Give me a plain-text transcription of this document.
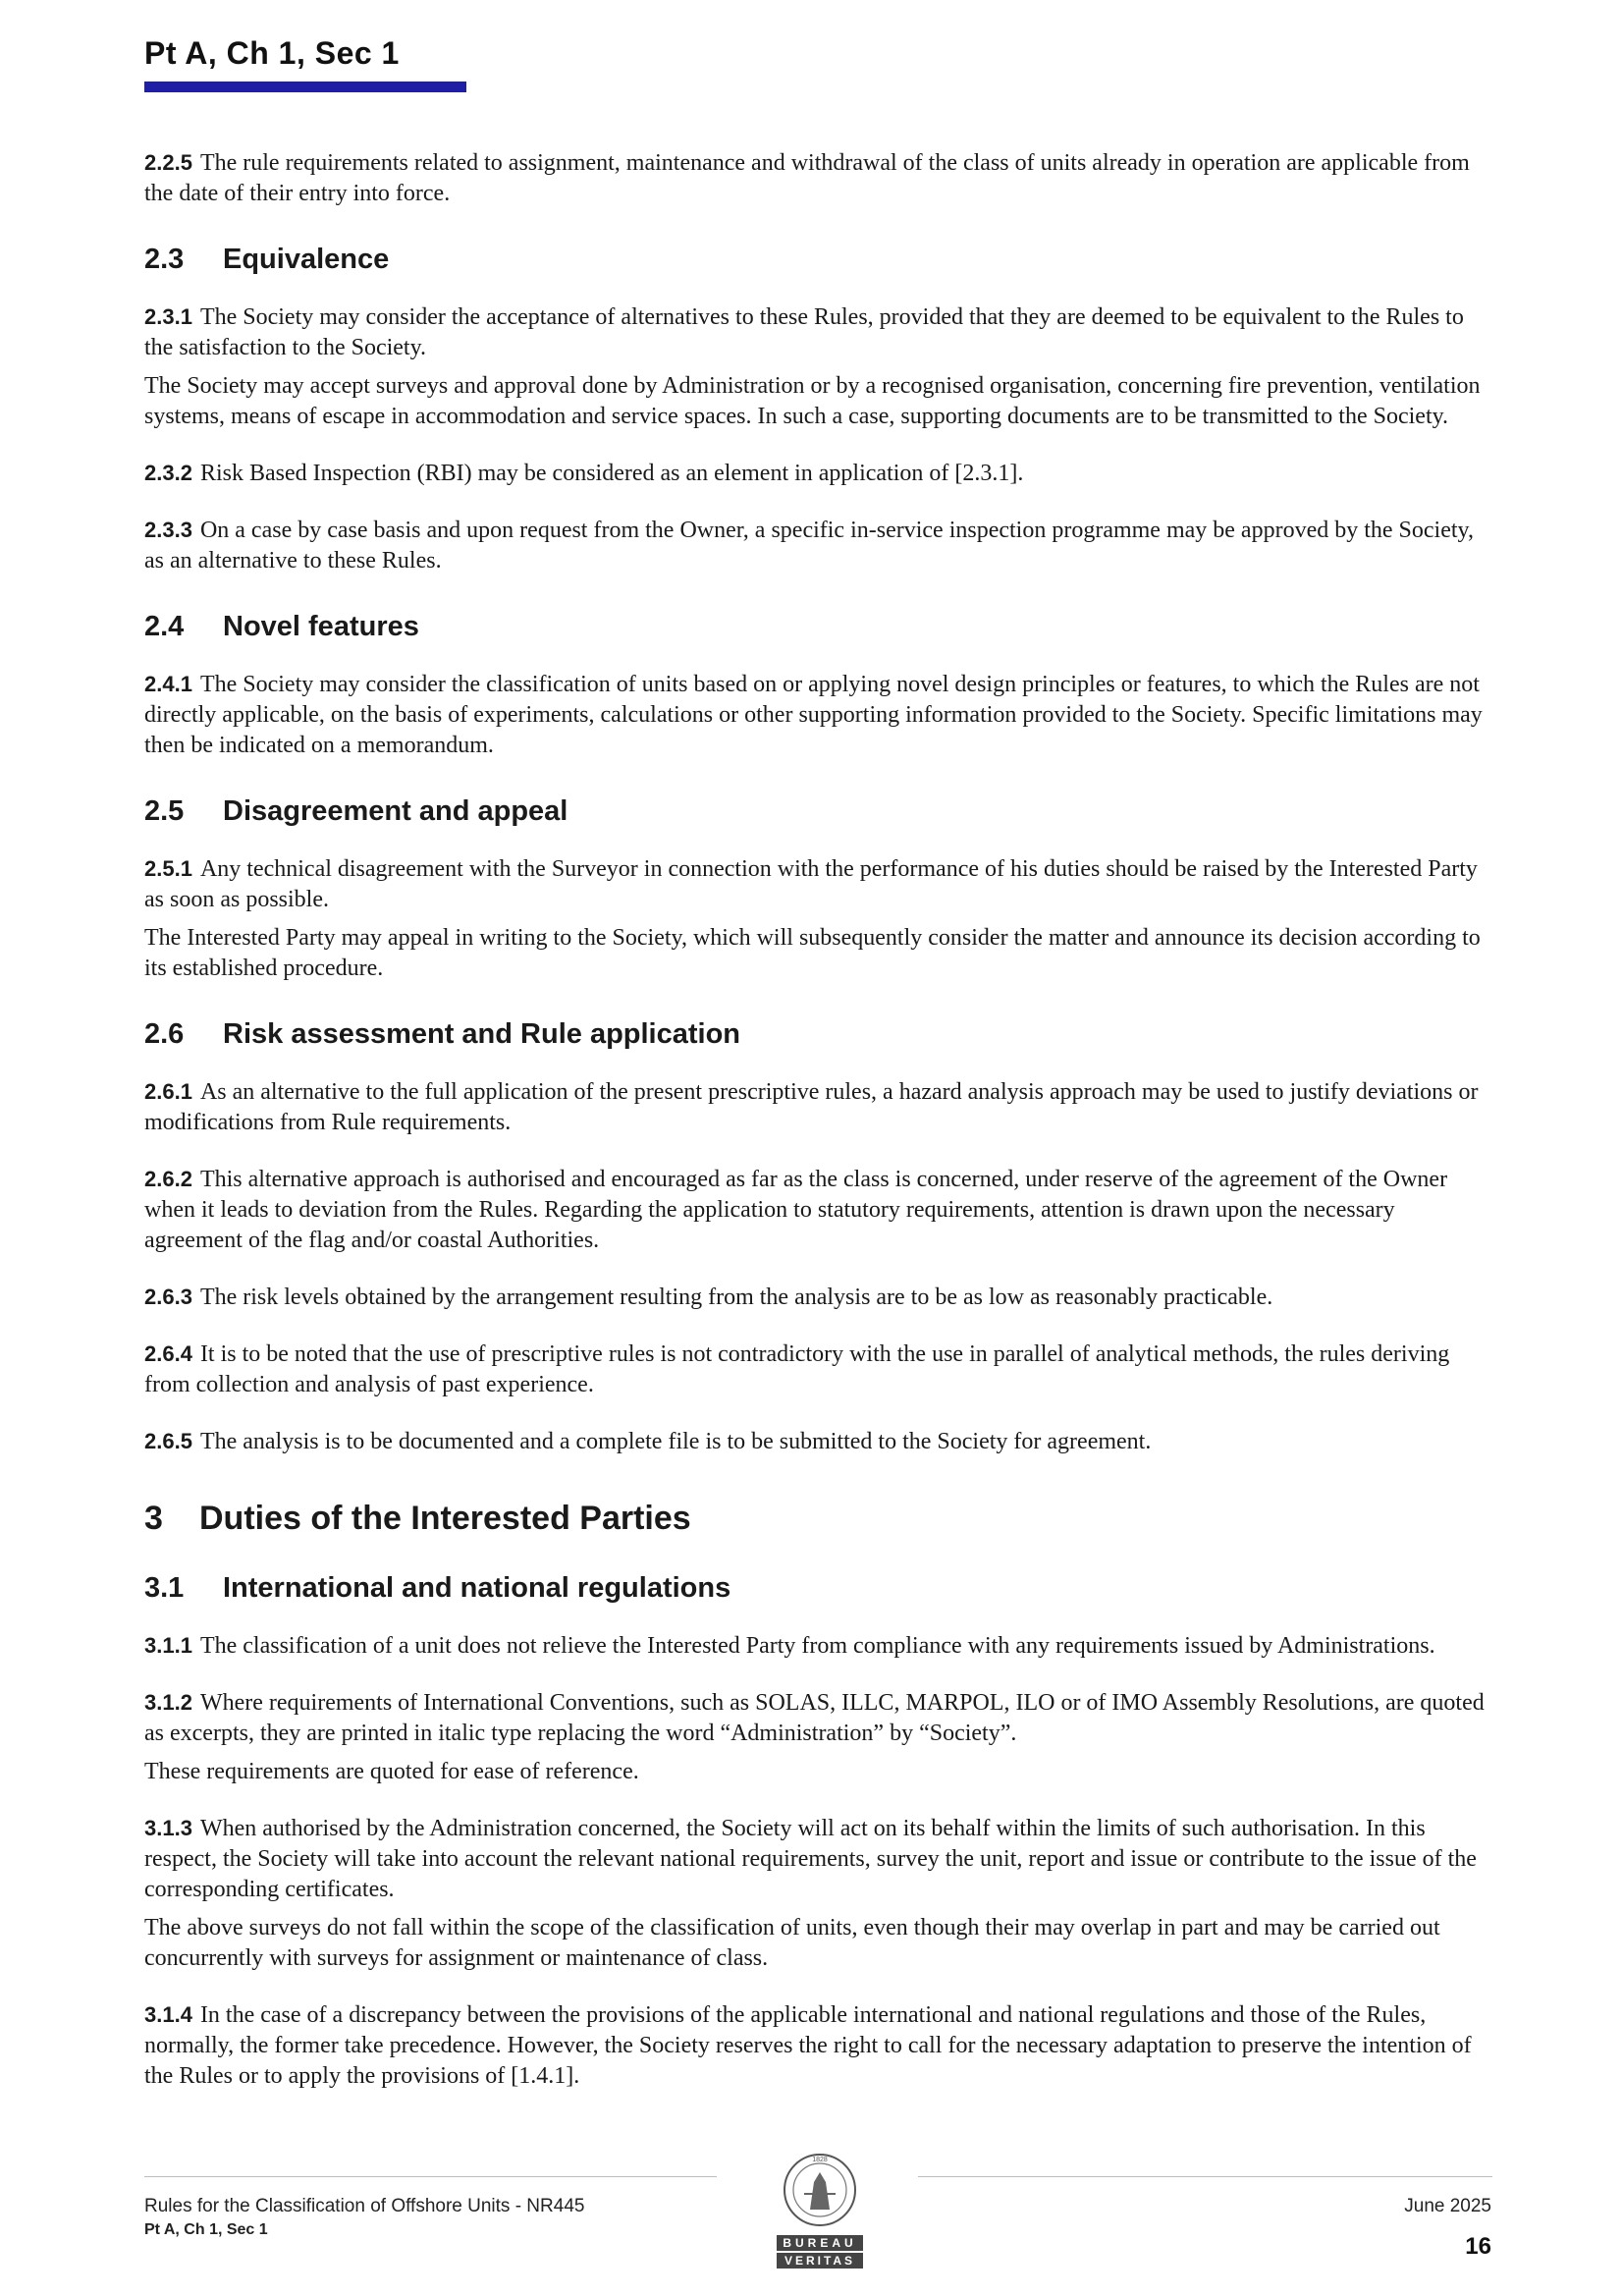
Pt A, Ch 1, Sec 1

2.2.5 The rule requirements related to assignment, maintenance and withdrawal of the class of units already in operation are applicable from the date of their entry into force.

2.3	Equivalence

2.3.1 The Society may consider the acceptance of alternatives to these Rules, provided that they are deemed to be equivalent to the Rules to the satisfaction to the Society.

The Society may accept surveys and approval done by Administration or by a recognised organisation, concerning fire prevention, ventilation systems, means of escape in accommodation and service spaces. In such a case, supporting documents are to be transmitted to the Society.

2.3.2 Risk Based Inspection (RBI) may be considered as an element in application of [2.3.1].

2.3.3 On a case by case basis and upon request from the Owner, a specific in-service inspection programme may be approved by the Society, as an alternative to these Rules.

2.4	Novel features

2.4.1 The Society may consider the classification of units based on or applying novel design principles or features, to which the Rules are not directly applicable, on the basis of experiments, calculations or other supporting information provided to the Society. Specific limitations may then be indicated on a memorandum.

2.5	Disagreement and appeal

2.5.1 Any technical disagreement with the Surveyor in connection with the performance of his duties should be raised by the Interested Party as soon as possible.

The Interested Party may appeal in writing to the Society, which will subsequently consider the matter and announce its decision according to its established procedure.

2.6	Risk assessment and Rule application

2.6.1 As an alternative to the full application of the present prescriptive rules, a hazard analysis approach may be used to justify deviations or modifications from Rule requirements.

2.6.2 This alternative approach is authorised and encouraged as far as the class is concerned, under reserve of the agreement of the Owner when it leads to deviation from the Rules. Regarding the application to statutory requirements, attention is drawn upon the necessary agreement of the flag and/or coastal Authorities.

2.6.3 The risk levels obtained by the arrangement resulting from the analysis are to be as low as reasonably practicable.

2.6.4 It is to be noted that the use of prescriptive rules is not contradictory with the use in parallel of analytical methods, the rules deriving from collection and analysis of past experience.

2.6.5 The analysis is to be documented and a complete file is to be submitted to the Society for agreement.

3	Duties of the Interested Parties
3.1	International and national regulations

3.1.1 The classification of a unit does not relieve the Interested Party from compliance with any requirements issued by Administrations.

3.1.2 Where requirements of International Conventions, such as SOLAS, ILLC, MARPOL, ILO or of IMO Assembly Resolutions, are quoted as excerpts, they are printed in italic type replacing the word “Administration” by “Society”.

These requirements are quoted for ease of reference.

3.1.3 When authorised by the Administration concerned, the Society will act on its behalf within the limits of such authorisation. In this respect, the Society will take into account the relevant national requirements, survey the unit, report and issue or contribute to the issue of the corresponding certificates.

The above surveys do not fall within the scope of the classification of units, even though their may overlap in part and may be carried out concurrently with surveys for assignment or maintenance of class.

3.1.4 In the case of a discrepancy between the provisions of the applicable international and national regulations and those of the Rules, normally, the former take precedence. However, the Society reserves the right to call for the necessary adaptation to preserve the intention of the Rules or to apply the provisions of [1.4.1].

Rules for the Classification of Offshore Units - NR445
Pt A, Ch 1, Sec 1
1828
BUREAU
VERITAS
June 2025
16
